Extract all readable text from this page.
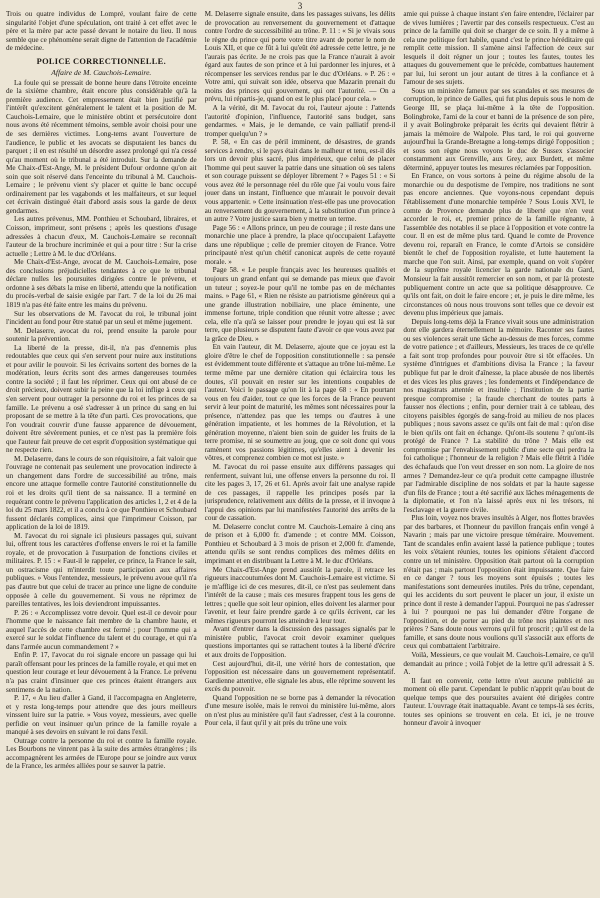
3

Trois ou quatre individus de Lompré, voulant faire de cette singularité l'objet d'une spéculation, ont traité à cet effet avec le père et la mère par acte passé devant le notaire du lieu. Il nous semble que ce phénomène serait digne de l'attention de l'académie de médecine.

POLICE CORRECTIONNELLE.
Affaire de M. Cauchois-Lemaire.

La foule qui se pressait de bonne heure dans l'étroite enceinte de la sixième chambre, était encore plus considérable qu'à la première audience. Cet empressement était bien justifié par l'intérêt qu'excitent généralement le talent et la position de M. Cauchois-Lemaire, que le ministère obtint et persécutoire dont nous avons été récemment témoins, semble avoir choisi pour une de ses dernières victimes. Long-tems avant l'ouverture de l'audience, le public et les avocats se disputaient les bancs du parquet ; il en est résulté un désordre assez prolongé qui n'a cessé qu'au moment où le tribunal a été introduit. Sur la demande de Me Chaix-d'Est-Ange, M. le président Dufour ordonne qu'on ait soin que soit réservé dans l'enceinte du tribunal à M. Cauchois-Lemaire ; le prévenu vient s'y placer et quitte le banc occupé ordinairement par les vagabonds et les malfaiteurs, et sur lequel cet écrivain distingué était d'abord assis sous la garde de deux gendarmes.

Les autres prévenus, MM. Ponthieu et Schoubard, libraires, et Coisson, imprimeur, sont présens ; après les questions d'usage adressées à chacun d'eux, M. Cauchois-Lemaire se reconnaît l'auteur de la brochure incriminée et qui a pour titre : Sur la crise actuelle ; Lettre à M. le duc d'Orléans.

Me Chaix-d'Est-Ange, avocat de M. Cauchois-Lemaire, pose des conclusions préjudicielles tendantes à ce que le tribunal déclare nulles les poursuites dirigées contre le prévenu, et ordonne à ses débats la mise en liberté, attendu que la notification du procès-verbal de saisie exigée par l'art. 7 de la loi du 26 mai 1819 n'a pas été faite entre les mains du prévenu.

Sur les observations de M. l'avocat du roi, le tribunal joint l'incident au fond pour être statué par un seul et même jugement.

M. Delaserre, avocat du roi, prend ensuite la parole pour soutenir la prévention.

La liberté de la presse, dit-il, n'a pas d'ennemis plus redoutables que ceux qui s'en servent pour nuire aux institutions et pour avilir le pouvoir. Si les écrivains sortent des bornes de la modération, leurs écrits sont des armes dangereuses tournées contre la société ; il faut les réprimer. Ceux qui ont abusé de ce droit précieux, doivent subir la peine que la loi inflige à ceux qui s'en servent pour outrager la personne du roi et les princes de sa famille. Le prévenu a osé s'adresser à un prince du sang en lui proposant de se mettre à la tête d'un parti. Ces provocations, que l'on voudrait couvrir d'une fausse apparence de dévouement, doivent être sévèrement punies, et ce n'est pas la première fois que l'auteur fait preuve de cet esprit d'opposition systématique qui ne respecte rien.

M. Delaserre, dans le cours de son réquisitoire, a fait valoir que l'ouvrage ne contenait pas seulement une provocation indirecte à un changement dans l'ordre de successibilité au trône, mais encore une attaque formelle contre l'autorité constitutionnelle du roi et les droits qu'il tient de sa naissance. Il a terminé en requérant contre le prévenu l'application des articles 1, 2 et 4 de la loi du 25 mars 1822, et il a conclu à ce que Ponthieu et Schoubard fussent déclarés complices, ainsi que l'imprimeur Coisson, par application de la loi de 1819.

M. l'avocat du roi signale ici plusieurs passages qui, suivant lui, offrent tous les caractères d'offense envers le roi et la famille royale, et de provocation à l'usurpation de fonctions civiles et militaires. P. 15 : « Faut-il le rappeler, ce prince, la France le sait, un ostracisme qui m'interdit toute participation aux affaires publiques. » Vous l'entendez, messieurs, le prévenu avoue qu'il n'a pas d'autre but que celui de tracer au prince une ligne de conduite opposée à celle du gouvernement. Si vous ne réprimez de pareilles tentatives, les lois deviendront impuissantes.

P. 26 : « Accomplissez votre devoir. Quel est-il ce devoir pour l'homme que le naissance fait membre de la chambre haute, et auquel l'accès de cette chambre est fermé ; pour l'homme qui a exercé sur le soldat l'influence du talent et du courage, et qui n'a dans l'armée aucun commandement ? »

Enfin P. 17, l'avocat du roi signale encore un passage qui lui paraît offensant pour les princes de la famille royale, et qui met en question leur courage et leur dévouement à la France. Le prévenu n'a pas craint d'insinuer que ces princes étaient étrangers aux sentimens de la nation.

P. 17, « Au lieu d'aller à Gand, il l'accompagna en Angleterre, et y resta long-temps pour attendre que des jours meilleurs vinssent luire sur la patrie. » Vous voyez, messieurs, avec quelle perfidie on veut insinuer qu'un prince de la famille royale a manqué à ses devoirs en suivant le roi dans l'exil.

Outrage contre la personne du roi et contre la famille royale. Les Bourbons ne vinrent pas à la suite des armées étrangères ; ils accompagnèrent les armées de l'Europe pour se joindre aux vœux de la France, les armées alliées pour se sauver la patrie.

M. Delaserre signale ensuite, dans les passages suivans, les délits de provocation au renversement du gouvernement et d'attaque contre l'ordre de successibilité au trône. P. 11 : « Si je vivais sous le règne du prince qui porte votre titre avant de porter le nom de Louis XII, et que ce fût à lui qu'eût été adressée cette lettre, je ne l'aurais pas écrite. Je ne crois pas que la France n'aurait à avoir égard aux fautes de son prince et à lui pardonner les injures, et à récompenser les services rendus par le duc d'Orléans. » P. 26 : « Votre ami, qui suivait son idée, observa que Mazarin prenait du moins des princes qui gouvernent, qui ont l'autorité. — On a prévu, lui répartis-je, quand on est le plus placé pour cela. »

A la vérité, dit M. l'avocat du roi, l'auteur ajoute : J'attends l'autorité d'opinion, l'influence, l'autorité sans budget, sans gendarmes. « Mais, je le demande, ce vain palliatif prend-il tromper quelqu'un ? »

P. 58, « En cas de péril imminent, de désastres, de grands services à rendre, si le pays était dans le malheur et tenu, est-il dès lors un devoir plus sacré, plus impérieux, que celui de placer l'homme qui peut sauver la patrie dans une situation où ses talens et son courage puissent se déployer librement ? » Pages 51 : « Si vous avez été le personnage réel du rôle que j'ai voulu vous faire jouer dans un instant, l'influence que m'aurait le pouvoir devait vous appartenir. » Cette insinuation n'est-elle pas une provocation au renversement du gouvernement, à la substitution d'un prince à un autre ? Votre justice saura bien y mettre un terme.

Page 56 : « Allons prince, un peu de courage ; il reste dans une monarchie une place à prendre, la place qu'occupaient Lafayette dans une république ; celle de premier citoyen de France. Votre principauté n'est qu'un chétif canonicat auprès de cette royauté morale. »

Page 58. « Le peuple français avec les heureuses qualités et toujours un grand enfant qui se demande pas mieux que d'avoir un tuteur ; soyez-le pour qu'il ne tombe pas en de méchantes mains. » Page 61, « Rien ne résiste au patriotisme généreux qui a une grande illustration nobiliaire, une place éminente, une immense fortune, triple condition que réunit votre altesse ; avec cela, elle n'a qu'à se laisser pour prendre le joyau qui est là sur terre, que plusieurs se disputent faute d'avoir ce que vous avez par la grâce de Dieu. »

En vain l'auteur, dit M. Delaserre, ajoute que ce joyau est la gloire d'être le chef de l'opposition constitutionnelle : sa pensée est évidemment toute différente et s'attaque au trône lui-même. Le terme même par une dernière citation qui éclaircira tous les doutes, s'il pouvait en rester sur les intentions coupables de l'auteur. Voici le passage qu'on lit à la page 68 : « En pourtant vous en feu d'aider, tout ce que les forces de la France peuvent servir à leur point de maturité, les mêmes sont nécessaires pour la présence, n'attendez pas que les temps ou d'autres à une génération impatiente, et les hommes de la Révolution, et la génération moyenne, n'aient bien soin de guider les fruits de la terre promise, ni se soumettre au joug, que ce soit donc qui vous ramènent vos passions légitimes, qu'elles aient à devenir les vôtres, et comprenez combien ce mot est juste. »

M. l'avocat du roi passe ensuite aux différens passages qui renferment, suivant lui, une offense envers la personne du roi. Il cite les pages 3, 17, 26 et 61. Après avoir fait une analyse rapide de ces passages, il rappelle les principes posés par la jurisprudence, relativement aux délits de la presse, et il invoque à l'appui des opinions par lui manifestées l'autorité des arrêts de la cour de cassation.

M. Delaserre conclut contre M. Cauchois-Lemaire à cinq ans de prison et à 6,000 fr. d'amende ; et contre MM. Coisson, Ponthieu et Schoubard à 3 mois de prison et 2,000 fr. d'amende, attendu qu'ils se sont rendus complices des mêmes délits en imprimant et en distribuant la Lettre à M. le duc d'Orléans.

Me Chaix-d'Est-Ange prend aussitôt la parole, il retrace les rigueurs inaccoutumées dont M. Cauchois-Lemaire est victime. Si je m'afflige ici de ces mesures, dit-il, ce n'est pas seulement dans l'intérêt de la cause ; mais ces mesures frappent tous les gens de lettres ; quelle que soit leur opinion, elles doivent les alarmer pour l'avenir, et leur faire prendre garde à ce qu'ils écrivent, car les mêmes rigueurs pourront les atteindre à leur tour.

Avant d'entrer dans la discussion des passages signalés par le ministère public, l'avocat croit devoir examiner quelques questions importantes qui se rattachent toutes à la liberté d'écrire et aux droits de l'opposition.

Cest aujourd'hui, dit-il, une vérité hors de contestation, que l'opposition est nécessaire dans un gouvernement représentatif. Gardienne attentive, elle signale les abus, elle réprime souvent les excès du pouvoir.

Quand l'opposition ne se borne pas à demander la révocation d'une mesure isolée, mais le renvoi du ministère lui-même, alors on n'est plus au ministère qu'il faut s'adresser, c'est à la couronne. Pour cela, il faut qu'il y ait près du trône une voix

amie qui puisse à chaque instant s'en faire entendre, l'éclairer par de vives lumières ; l'avertir par des conseils respectueux. C'est au prince de la famille qui doit se charger de ce soin. Il y a même à cela une politique fort habile, quand c'est le prince héréditaire qui remplit cette mission. Il s'amène ainsi l'affection de ceux sur lesquels il doit régner un jour ; toutes les fautes, toutes les attaques du gouvernement que le précède, combattues hautement par lui, lui seront un jour autant de titres à la confiance et à l'amour de ses sujets.

Sous un ministère fameux par ses scandales et ses mesures de corruption, le prince de Galles, qui fut plus depuis sous le nom de George III, se plaça lui-même à la tête de l'opposition. Bolingbroke, l'ami de la cour et banni de la présence de son père, il y avait Bolingbroke préparait les écrits qui devaient flétrir à jamais la mémoire de Walpole. Plus tard, le roi qui gouverne aujourd'hui la Grande-Bretagne a long-temps dirigé l'opposition ; et sous son règne nous voyons le duc de Sussex s'associer constamment aux Grenville, aux Grey, aux Burdett, et même déterminé, appuyer toutes les mesures réclamées par l'opposition.

En France, on vous sortons à peine du régime absolu de la monarchie ou du despotisme de l'empire, nos traditions ne sont pas encore anciennes. Que voyons-nous cependant depuis l'établissement d'une monarchie tempérée ? Sous Louis XVI, le comte de Provence demande plus de liberté que n'en veut accorder le roi, et, premier prince de la famille régnante, à l'assemblée des notables il se place à l'opposition et vote contre la cour. Il en est de même plus tard. Quand le comte de Provence devenu roi, reparaît en France, le comte d'Artois se considère bientôt le chef de l'opposition royaliste, et lutte hautement la marche que l'on suit. Ainsi, par exemple, quand on voit s'opérer de la suprême royale licencier la garde nationale du Gard, Monsieur la fait aussitôt remercier en son nom, et par là proteste publiquement contre un acte que sa politique désapprouve. Ce qu'ils ont fait, on doit le faire encore ; et, je puis le dire même, les circonstances où nous nous trouvons sont telles que ce devoir est devenu plus impérieux que jamais.

Depuis long-tems déjà la France vivait sous une administration dont elle gardera éternellement la mémoire. Raconter ses fautes ou ses violences serait une tâche au-dessus de mes forces, comme de votre patience ; et d'ailleurs, Messieurs, les traces de ce qu'elle a fait sont trop profondes pour pouvoir être si tôt effacées. Un système d'intrigues et d'ambitions divisa la France ; la faveur publique fut par le droit d'aînesse, la place abusée de nos libertés et des vices les plus graves ; les fondements et l'indépendance de nos magistrats attentée et insultée ; l'institution de la partie presque compromise ; la fraude cherchant de toutes parts à fausser nos élections ; enfin, pour dernier trait à ce tableau, des citoyens paisibles égorgés de sang-froid au milieu de nos places publiques ; nous savons assez ce qu'ils ont fait de mal : qu'on dise le bien qu'ils ont fait en échange. Qu'ont-ils soutenu ? qu'ont-ils protégé de France ? La stabilité du trône ? Mais elle est compromise par l'envahissement public d'une secte qui perdra la foi catholique ; l'honneur de la religion ? Mais elle flétrit à l'idée des échafauds que l'on veut dresser en son nom. La gloire de nos armes ? Demandez-leur ce qu'a produit cette campagne illustrée par l'admirable discipline de nos soldats et par la haute sagesse d'un fils de France ; tout a été sacrifié aux lâches ménagements de la diplomatie, et l'on n'a laissé après eux ni les trésors, ni l'esclavage et la guerre civile.

Plus loin, voyez nos braves insultés à Alger, nos flottes bravées par des barbares, et l'honneur du pavillon français enfin vengé à Navarin ; mais par une victoire presque téméraire. Mouvement. Tant de scandales enfin avaient lassé la patience publique ; toutes les voix s'étaient réunies, toutes les opinions s'étaient d'accord contre un tel ministère. Opposition était partout où la corruption n'était pas ; mais partout l'opposition était impuissante. Que faire en ce danger ? tous les moyens sont épuisés ; toutes les manifestations sont demeurées inutiles. Près du trône, cependant, qui les accidents du sort peuvent le placer un jour, il existe un prince dont il reste à demander l'appui. Pourquoi ne pas s'adresser à lui ? pourquoi ne pas lui demander d'être l'organe de l'opposition, et de porter au pied du trône nos plaintes et nos prières ? Sans doute nous verrons qu'il fut proscrit ; qu'il est de la famille, et sans doute nous voulions qu'il s'associât aux efforts de ceux qui combattaient l'arbitraire.

Voilà, Messieurs, ce que voulait M. Cauchois-Lemaire, ce qu'il demandait au prince ; voilà l'objet de la lettre qu'il adressait à S. A.

Il faut en convenir, cette lettre n'eut aucune publicité au moment où elle parut. Cependant le public n'apprit qu'au bout de quelque temps que des poursuites avaient été dirigées contre l'auteur. L'ouvrage était inattaquable. Avant ce temps-là ses écrits, toutes ses opinions se trouvent en cela. Et ici, je ne trouve honneur d'avoir à invoquer
